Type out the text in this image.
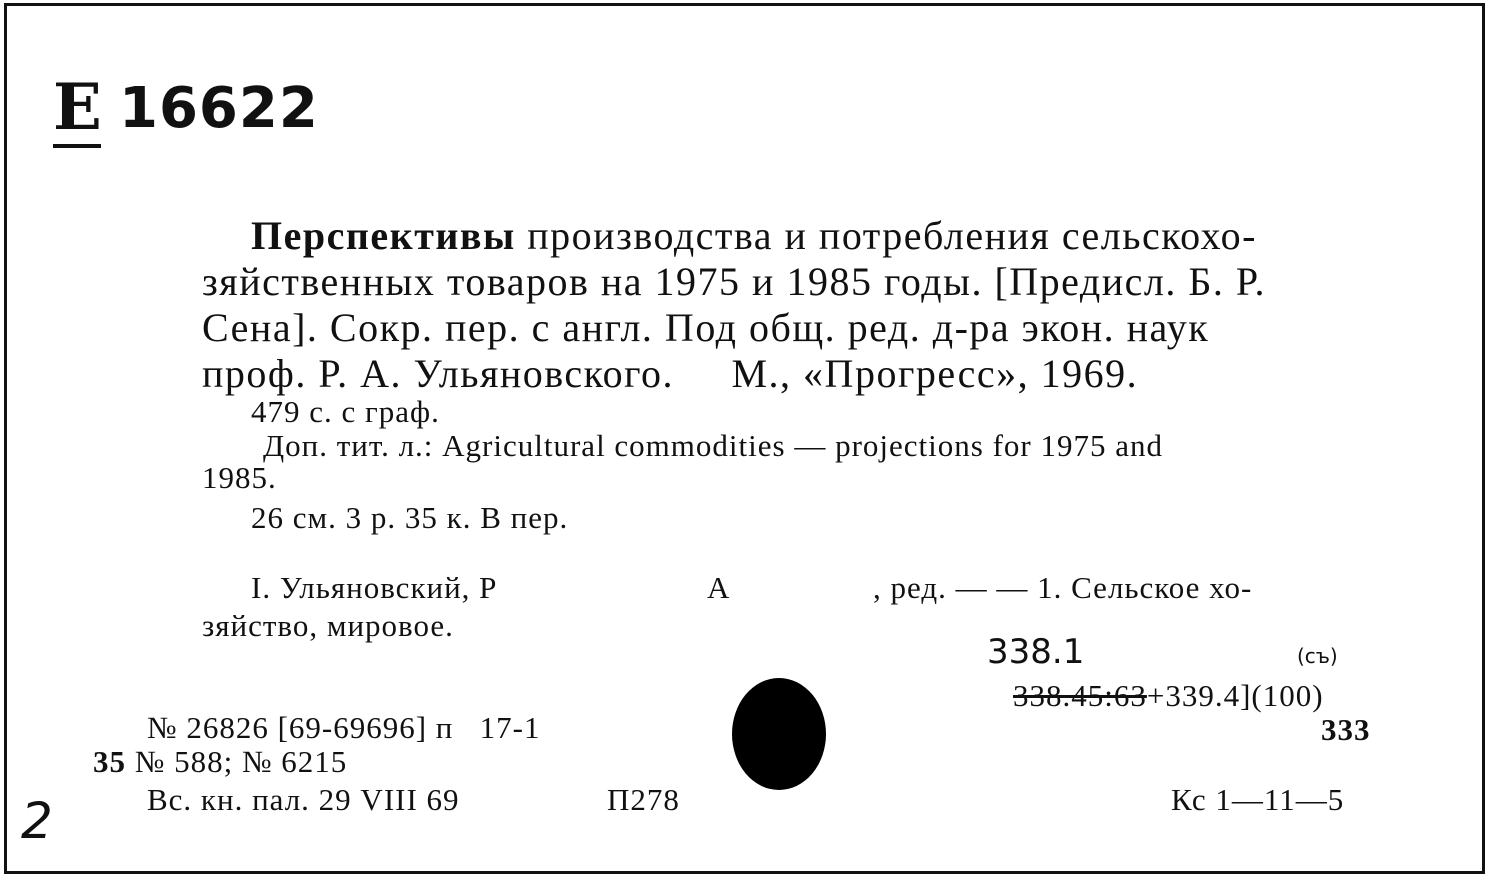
Е 16622
Перспективы производства и потребления сельскохо-
зяйственных товаров на 1975 и 1985 годы. [Предисл. Б. Р.
Сена]. Сокр. пер. с англ. Под общ. ред. д-ра экон. наук
проф. Р. А. Ульяновского.     М., «Прогресс», 1969.
479 с. с граф.
Доп. тит. л.: Agricultural commodities — projections for 1975 and
1985.
26 см. 3 р. 35 к. В пер.
I. Ульяновский, Р	А	, ред. — — 1. Сельское хо-
зяйство, мировое.
338.1	(съ)
338.45:63+339.4](100)
333
№ 26826 [69-69696] п   17-1
35 № 588; № 6215
Вс. кн. пал. 29 VIII 69	П278	Кс 1—11—5
2
